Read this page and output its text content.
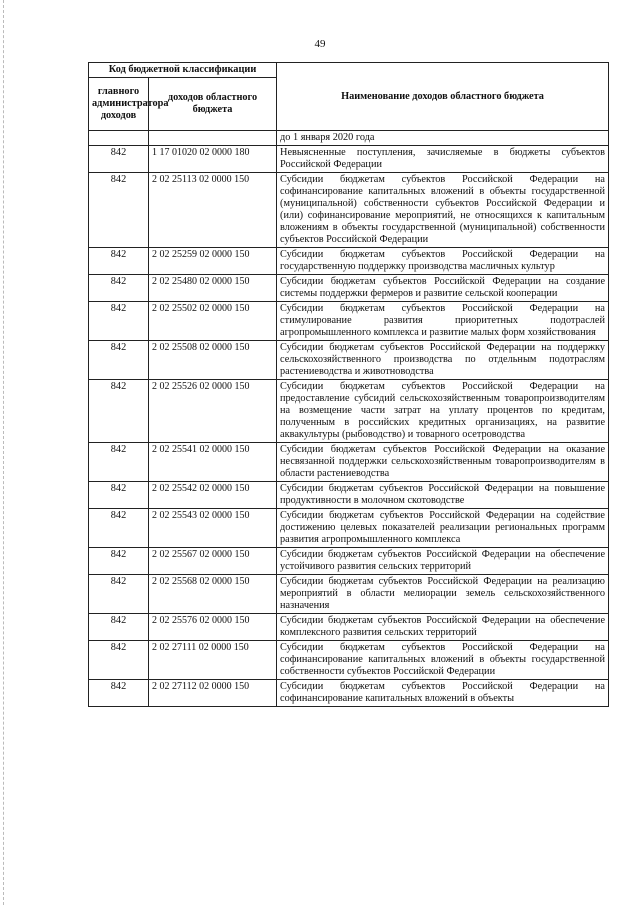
49
Код бюджетной классификации		Наименование доходов областного бюджета
главного администратора доходов	доходов областного бюджета	
		до 1 января 2020 года
842	1 17 01020 02 0000 180	Невыясненные поступления, зачисляемые в бюджеты субъектов Российской Федерации
842	2 02 25113 02 0000 150	Субсидии бюджетам субъектов Российской Федерации на софинансирование капитальных вложений в объекты государственной (муниципальной) собственности субъектов Российской Федерации и (или) софинансирование мероприятий, не относящихся к капитальным вложениям в объекты государственной (муниципальной) собственности субъектов Российской Федерации
842	2 02 25259 02 0000 150	Субсидии бюджетам субъектов Российской Федерации на государственную поддержку производства масличных культур
842	2 02 25480 02 0000 150	Субсидии бюджетам субъектов Российской Федерации на создание системы поддержки фермеров и развитие сельской кооперации
842	2 02 25502 02 0000 150	Субсидии бюджетам субъектов Российской Федерации на стимулирование развития приоритетных подотраслей агропромышленного комплекса и развитие малых форм хозяйствования
842	2 02 25508 02 0000 150	Субсидии бюджетам субъектов Российской Федерации на поддержку сельскохозяйственного производства по отдельным подотраслям растениеводства и животноводства
842	2 02 25526 02 0000 150	Субсидии бюджетам субъектов Российской Федерации на предоставление субсидий сельскохозяйственным товаропроизводителям на возмещение части затрат на уплату процентов по кредитам, полученным в российских кредитных организациях, на развитие аквакультуры (рыбоводство) и товарного осетроводства
842	2 02 25541 02 0000 150	Субсидии бюджетам субъектов Российской Федерации на оказание несвязанной поддержки сельскохозяйственным товаропроизводителям в области растениеводства
842	2 02 25542 02 0000 150	Субсидии бюджетам субъектов Российской Федерации на повышение продуктивности в молочном скотоводстве
842	2 02 25543 02 0000 150	Субсидии бюджетам субъектов Российской Федерации на содействие достижению целевых показателей реализации региональных программ развития агропромышленного комплекса
842	2 02 25567 02 0000 150	Субсидии бюджетам субъектов Российской Федерации на обеспечение устойчивого развития сельских территорий
842	2 02 25568 02 0000 150	Субсидии бюджетам субъектов Российской Федерации на реализацию мероприятий в области мелиорации земель сельскохозяйственного назначения
842	2 02 25576 02 0000 150	Субсидии бюджетам субъектов Российской Федерации на обеспечение комплексного развития сельских территорий
842	2 02 27111 02 0000 150	Субсидии бюджетам субъектов Российской Федерации на софинансирование капитальных вложений в объекты государственной собственности субъектов Российской Федерации
842	2 02 27112 02 0000 150	Субсидии бюджетам субъектов Российской Федерации на софинансирование капитальных вложений в объекты
